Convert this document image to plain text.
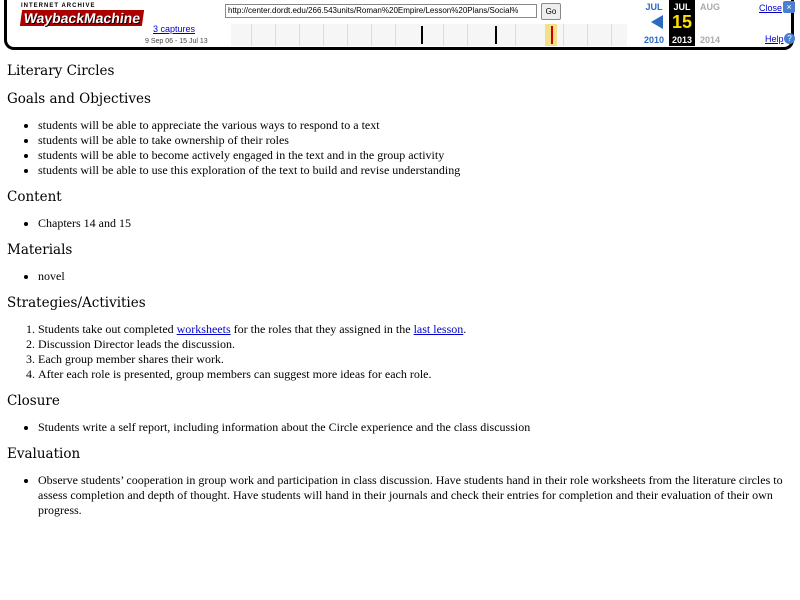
INTERNET ARCHIVE
WaybackMachine	http://center.dordt.edu/266.543units/Roman%20Empire/Lesson%20Plans/Social%	Go
3 captures
9 Sep 06 - 15 Jul 13
JUL
2010
JUL
15
2013
AUG
2014
Close ×
Help ?
Literary Circles
Goals and Objectives
• students will be able to appreciate the various ways to respond to a text
• students will be able to take ownership of their roles
• students will be able to become actively engaged in the text and in the group activity
• students will be able to use this exploration of the text to build and revise understanding
Content
• Chapters 14 and 15
Materials
• novel
Strategies/Activities
1. Students take out completed worksheets for the roles that they assigned in the last lesson.
2. Discussion Director leads the discussion.
3. Each group member shares their work.
4. After each role is presented, group members can suggest more ideas for each role.
Closure
• Students write a self report, including information about the Circle experience and the class discussion
Evaluation
• Observe students’ cooperation in group work and participation in class discussion. Have students hand in their role worksheets from the literature circles to assess completion and depth of thought. Have students will hand in their journals and check their entries for completion and their evaluation of their own progress.
